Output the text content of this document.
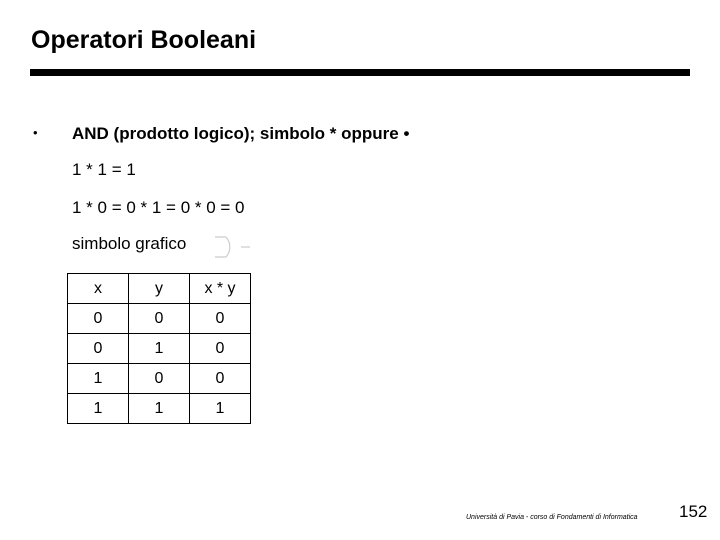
Operatori Booleani
• AND (prodotto logico); simbolo * oppure •
1 * 1 = 1
1 * 0 = 0 * 1 = 0 * 0 = 0
simbolo grafico
x	y	x * y
0	0	0
0	1	0
1	0	0
1	1	1
Università di Pavia - corso di Fondamenti di Informatica 152
